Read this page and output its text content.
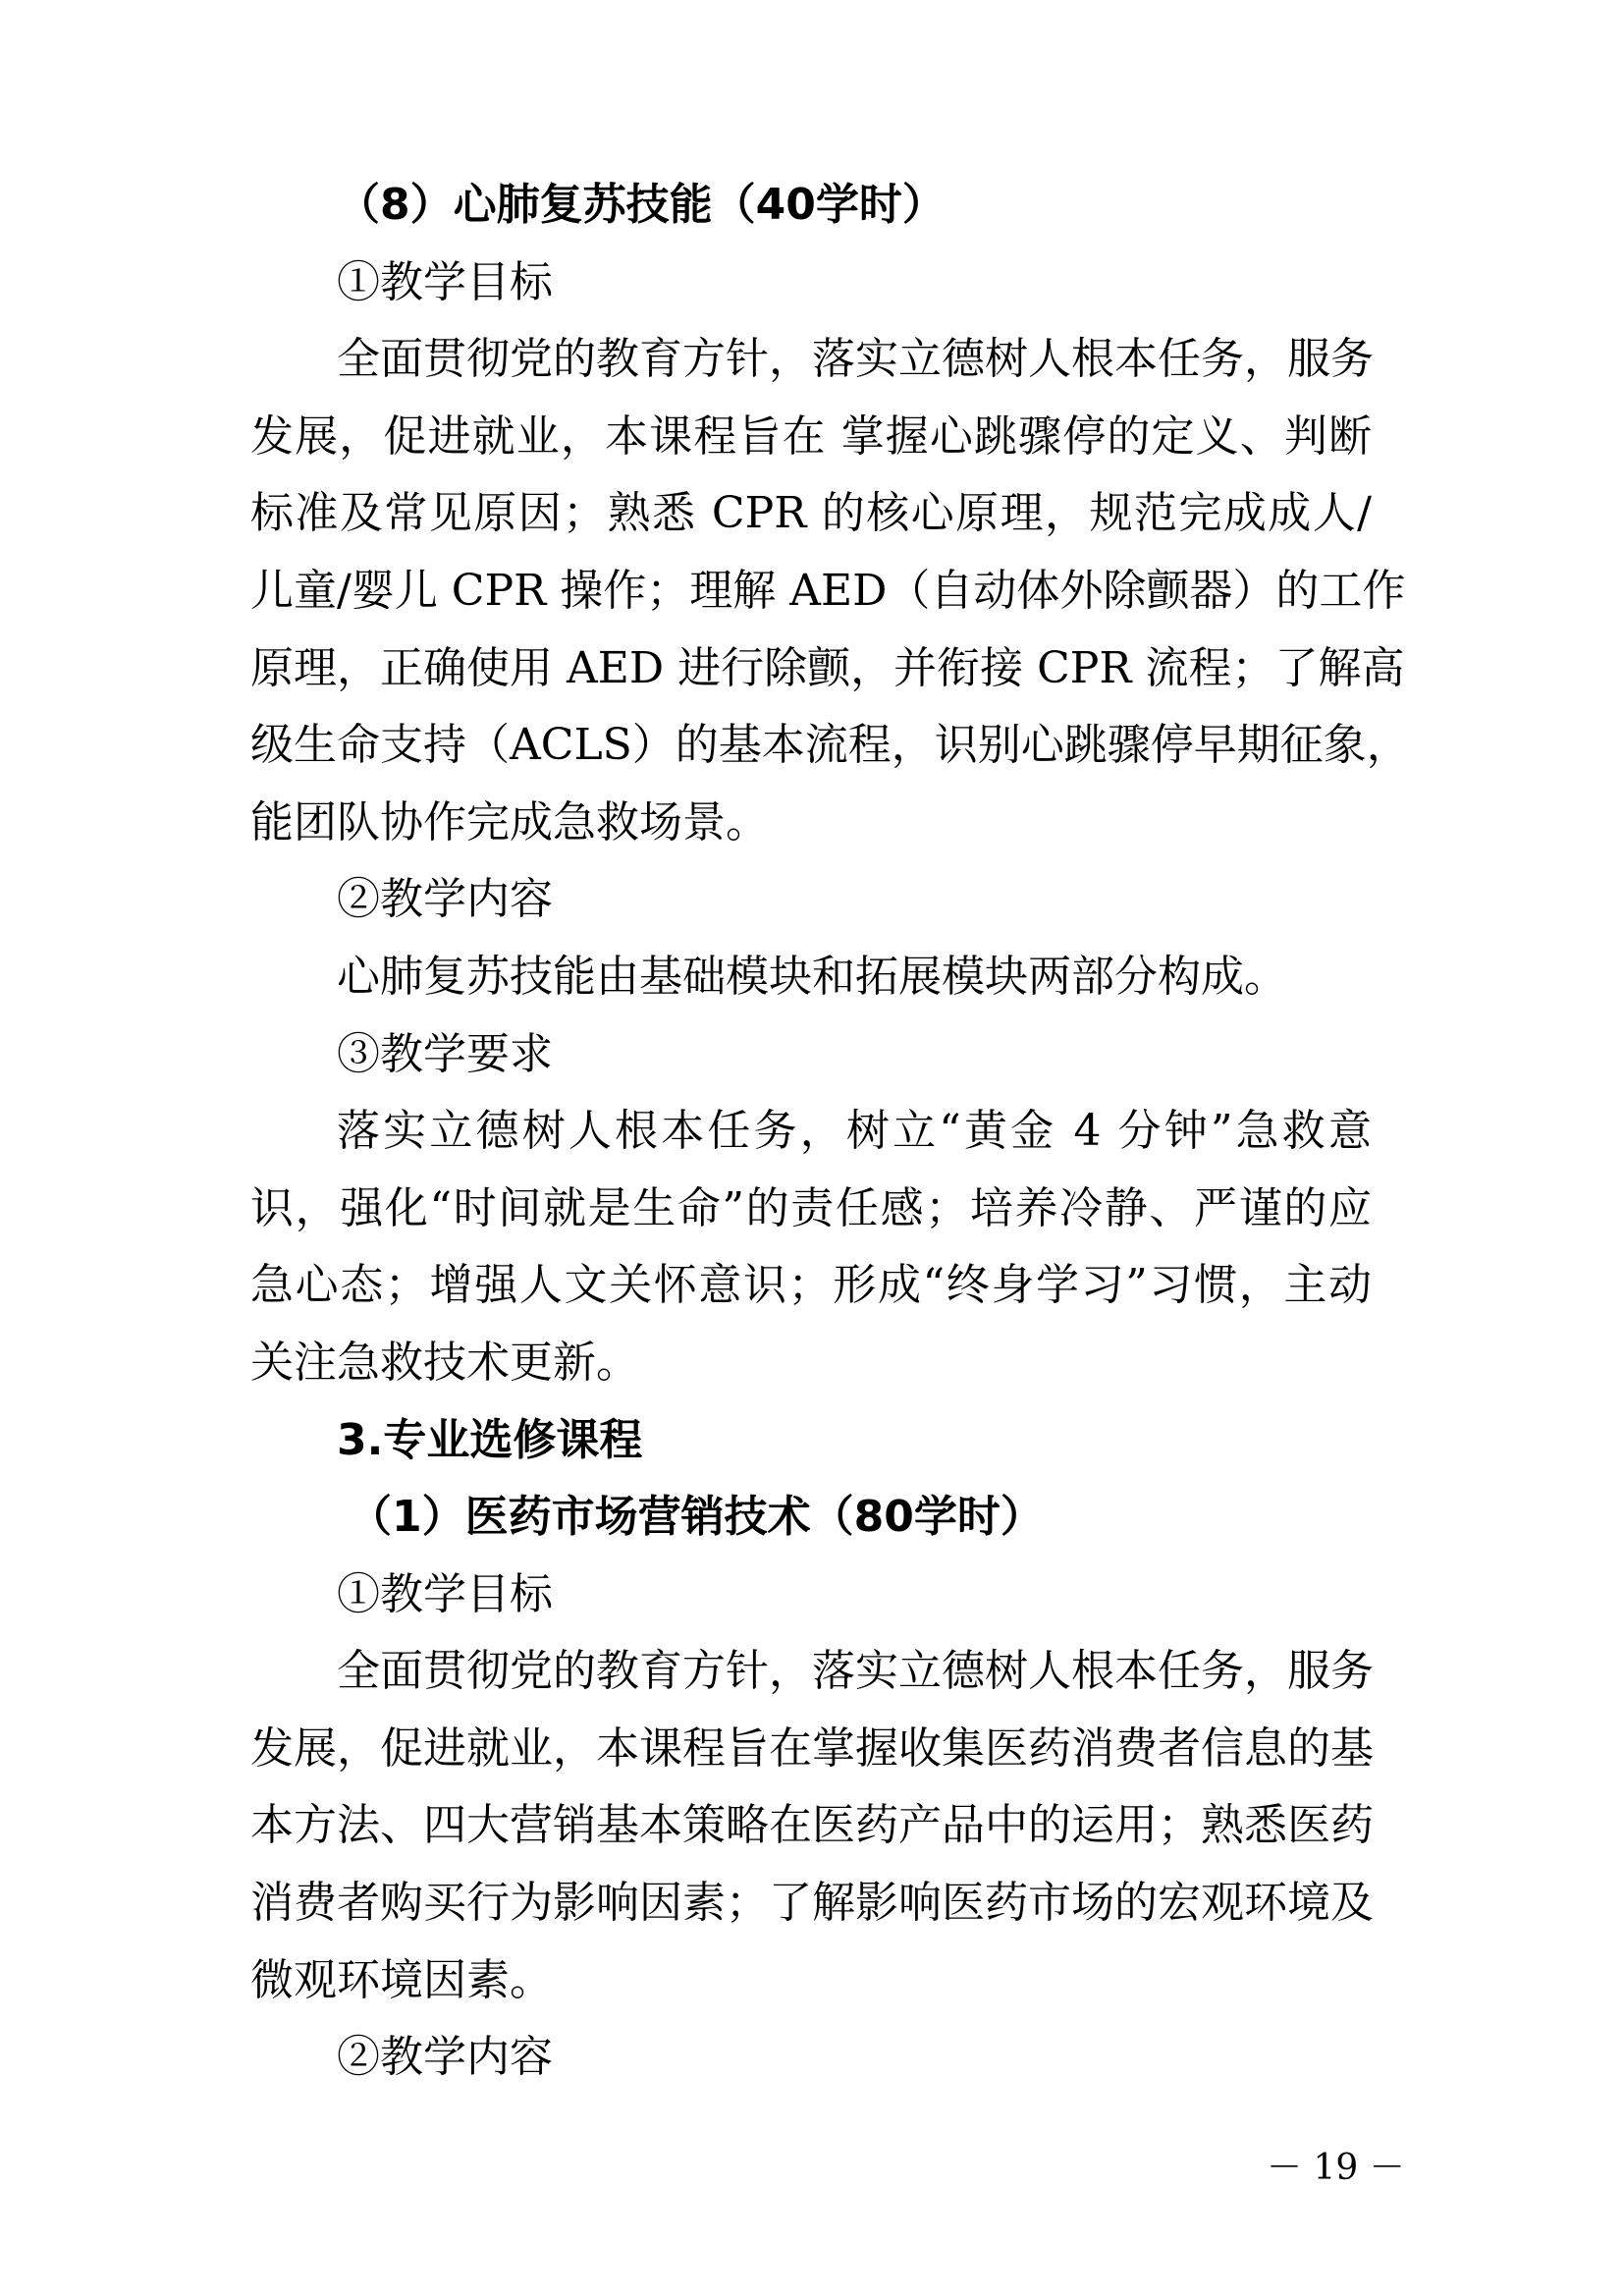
（8）心肺复苏技能（40学时）
①教学目标
全面贯彻党的教育方针，落实立德树人根本任务，服务
发展，促进就业，本课程旨在 掌握心跳骤停的定义、判断
标准及常见原因；熟悉 CPR 的核心原理，规范完成成人/
儿童/婴儿 CPR 操作；理解 AED（自动体外除颤器）的工作
原理，正确使用 AED 进行除颤，并衔接 CPR 流程；了解高
级生命支持（ACLS）的基本流程，识别心跳骤停早期征象，
能团队协作完成急救场景。
②教学内容
心肺复苏技能由基础模块和拓展模块两部分构成。
③教学要求
落实立德树人根本任务，树立“黄金 4 分钟”急救意
识，强化“时间就是生命”的责任感；培养冷静、严谨的应
急心态；增强人文关怀意识；形成“终身学习”习惯，主动
关注急救技术更新。
3.专业选修课程
（1）医药市场营销技术（80学时）
①教学目标
全面贯彻党的教育方针，落实立德树人根本任务，服务
发展，促进就业，本课程旨在掌握收集医药消费者信息的基
本方法、四大营销基本策略在医药产品中的运用；熟悉医药
消费者购买行为影响因素；了解影响医药市场的宏观环境及
微观环境因素。
②教学内容
－ 19 －
